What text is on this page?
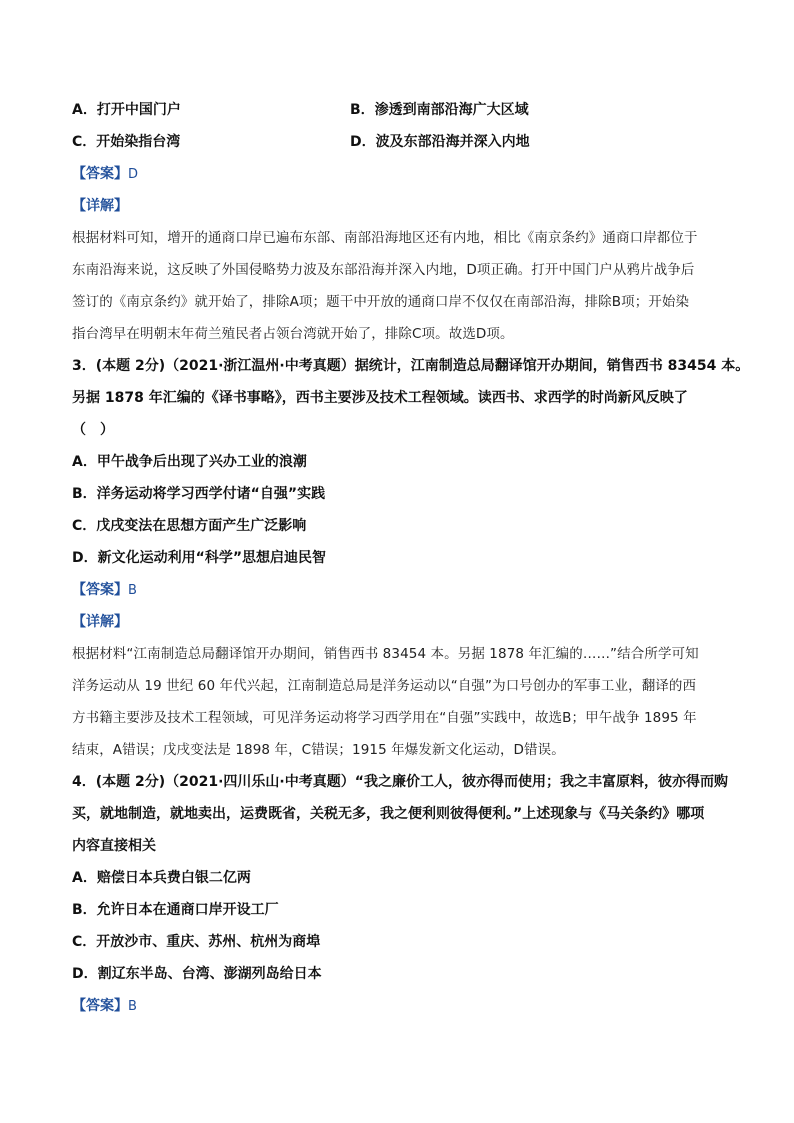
A．打开中国门户	B．渗透到南部沿海广大区域
C．开始染指台湾	D．波及东部沿海并深入内地
【答案】D
【详解】
根据材料可知，增开的通商口岸已遍布东部、南部沿海地区还有内地，相比《南京条约》通商口岸都位于
东南沿海来说，这反映了外国侵略势力波及东部沿海并深入内地，D项正确。打开中国门户从鸦片战争后
签订的《南京条约》就开始了，排除A项；题干中开放的通商口岸不仅仅在南部沿海，排除B项；开始染
指台湾早在明朝末年荷兰殖民者占领台湾就开始了，排除C项。故选D项。
3．(本题 2分)（2021·浙江温州·中考真题）据统计，江南制造总局翻译馆开办期间，销售西书 83454 本。
另据 1878 年汇编的《译书事略》，西书主要涉及技术工程领域。读西书、求西学的时尚新风反映了
（　）
A．甲午战争后出现了兴办工业的浪潮
B．洋务运动将学习西学付诸“自强”实践
C．戊戌变法在思想方面产生广泛影响
D．新文化运动利用“科学”思想启迪民智
【答案】B
【详解】
根据材料“江南制造总局翻译馆开办期间，销售西书 83454 本。另据 1878 年汇编的……”结合所学可知
洋务运动从 19 世纪 60 年代兴起，江南制造总局是洋务运动以“自强”为口号创办的军事工业，翻译的西
方书籍主要涉及技术工程领域，可见洋务运动将学习西学用在“自强”实践中，故选B；甲午战争 1895 年
结束，A错误；戊戌变法是 1898 年，C错误；1915 年爆发新文化运动，D错误。
4．(本题 2分)（2021·四川乐山·中考真题）“我之廉价工人，彼亦得而使用；我之丰富原料，彼亦得而购
买，就地制造，就地卖出，运费既省，关税无多，我之便利则彼得便利。”上述现象与《马关条约》哪项
内容直接相关
A．赔偿日本兵费白银二亿两
B．允许日本在通商口岸开设工厂
C．开放沙市、重庆、苏州、杭州为商埠
D．割辽东半岛、台湾、澎湖列岛给日本
【答案】B
